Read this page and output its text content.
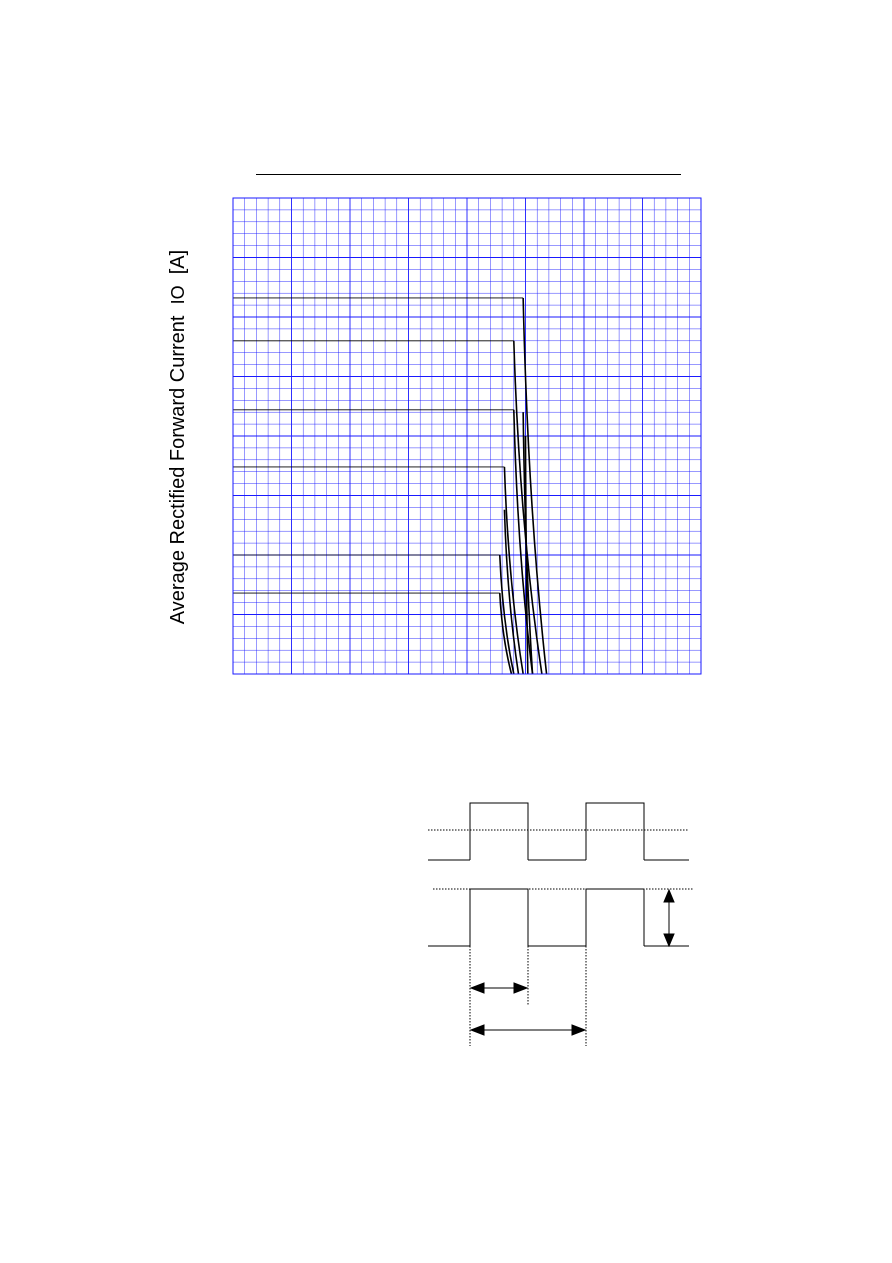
Average Rectified Forward Current  IO  [A]
